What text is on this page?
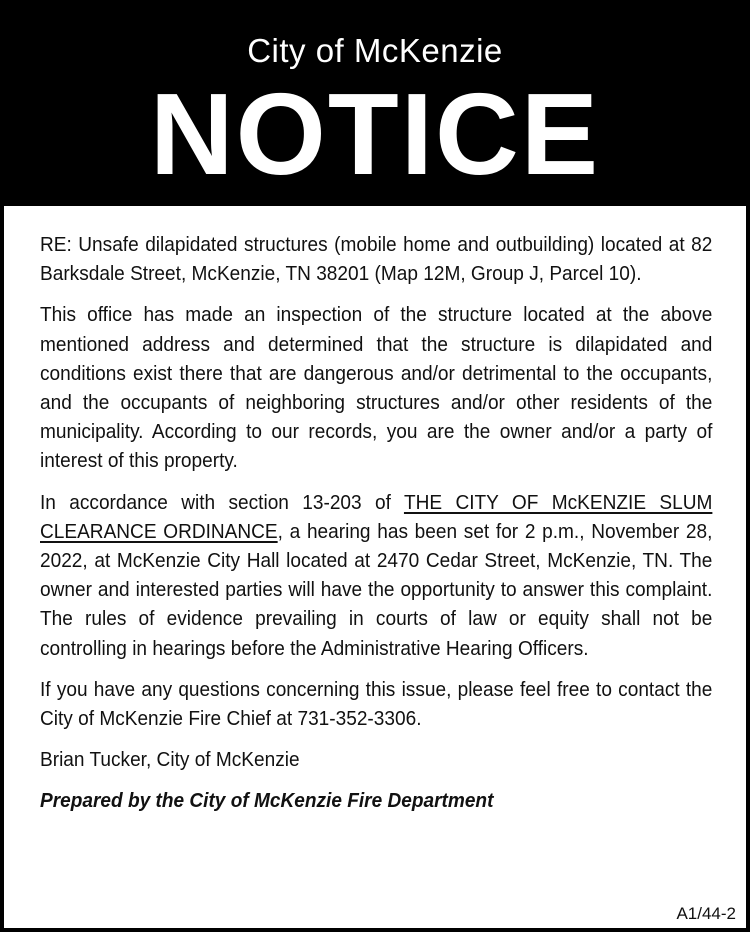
City of McKenzie
NOTICE

RE: Unsafe dilapidated structures (mobile home and outbuilding) located at 82 Barksdale Street, McKenzie, TN 38201 (Map 12M, Group J, Parcel 10).

This office has made an inspection of the structure located at the above mentioned address and determined that the structure is dilapidated and conditions exist there that are dangerous and/or detrimental to the occupants, and the occupants of neighboring structures and/or other residents of the municipality. According to our records, you are the owner and/or a party of interest of this property.

In accordance with section 13-203 of THE CITY OF McKENZIE SLUM CLEARANCE ORDINANCE, a hearing has been set for 2 p.m., November 28, 2022, at McKenzie City Hall located at 2470 Cedar Street, McKenzie, TN. The owner and interested parties will have the opportunity to answer this complaint. The rules of evidence prevailing in courts of law or equity shall not be controlling in hearings before the Administrative Hearing Officers.

If you have any questions concerning this issue, please feel free to contact the City of McKenzie Fire Chief at 731-352-3306.

Brian Tucker, City of McKenzie

Prepared by the City of McKenzie Fire Department

A1/44-2
